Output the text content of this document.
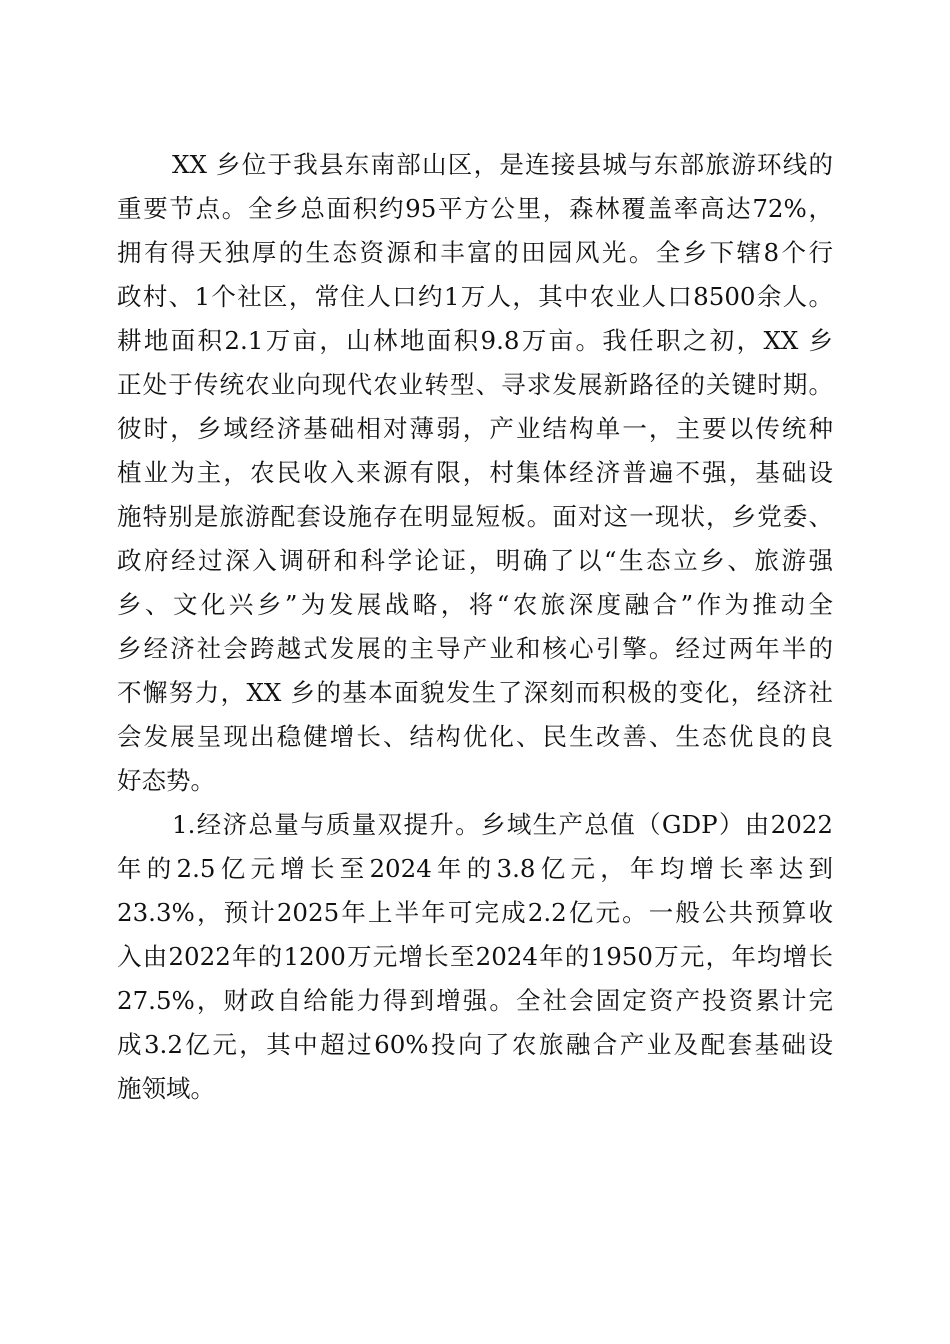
XX 乡位于我县东南部山区，是连接县城与东部旅游环线的
重要节点。全乡总面积约95平方公里，森林覆盖率高达72%，
拥有得天独厚的生态资源和丰富的田园风光。全乡下辖8个行
政村、1个社区，常住人口约1万人，其中农业人口8500余人。
耕地面积2.1万亩，山林地面积9.8万亩。我任职之初，XX 乡
正处于传统农业向现代农业转型、寻求发展新路径的关键时期。
彼时，乡域经济基础相对薄弱，产业结构单一，主要以传统种
植业为主，农民收入来源有限，村集体经济普遍不强，基础设
施特别是旅游配套设施存在明显短板。面对这一现状，乡党委、
政府经过深入调研和科学论证，明确了以“生态立乡、旅游强
乡、文化兴乡”为发展战略，将“农旅深度融合”作为推动全
乡经济社会跨越式发展的主导产业和核心引擎。经过两年半的
不懈努力，XX 乡的基本面貌发生了深刻而积极的变化，经济社
会发展呈现出稳健增长、结构优化、民生改善、生态优良的良
好态势。
1.经济总量与质量双提升。乡域生产总值（GDP）由2022
年的2.5亿元增长至2024年的3.8亿元，年均增长率达到
23.3%，预计2025年上半年可完成2.2亿元。一般公共预算收
入由2022年的1200万元增长至2024年的1950万元，年均增长
27.5%，财政自给能力得到增强。全社会固定资产投资累计完
成3.2亿元，其中超过60%投向了农旅融合产业及配套基础设
施领域。
